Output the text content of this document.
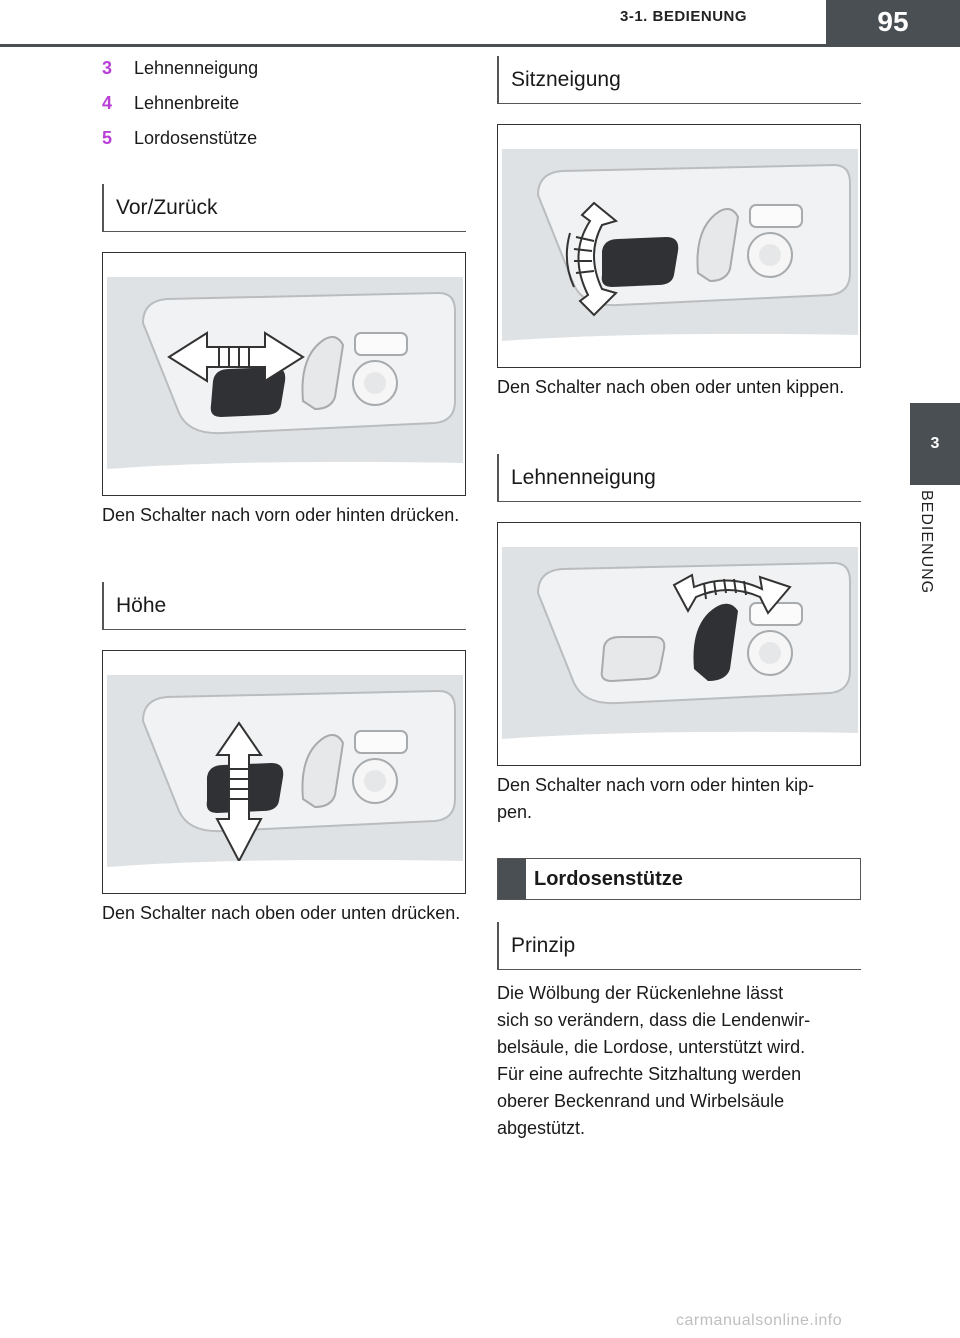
3-1. BEDIENUNG	95
3
BEDIENUNG
3	Lehnenneigung
4	Lehnenbreite
5	Lordosenstütze
Vor/Zurück
Den Schalter nach vorn oder hinten drücken.
Höhe
Den Schalter nach oben oder unten drücken.
Sitzneigung
Den Schalter nach oben oder unten kippen.
Lehnenneigung
Den Schalter nach vorn oder hinten kip-
pen.
Lordosenstütze
Prinzip
Die Wölbung der Rückenlehne lässt
sich so verändern, dass die Lendenwir-
belsäule, die Lordose, unterstützt wird.
Für eine aufrechte Sitzhaltung werden
oberer Beckenrand und Wirbelsäule
abgestützt.
carmanualsonline.info
